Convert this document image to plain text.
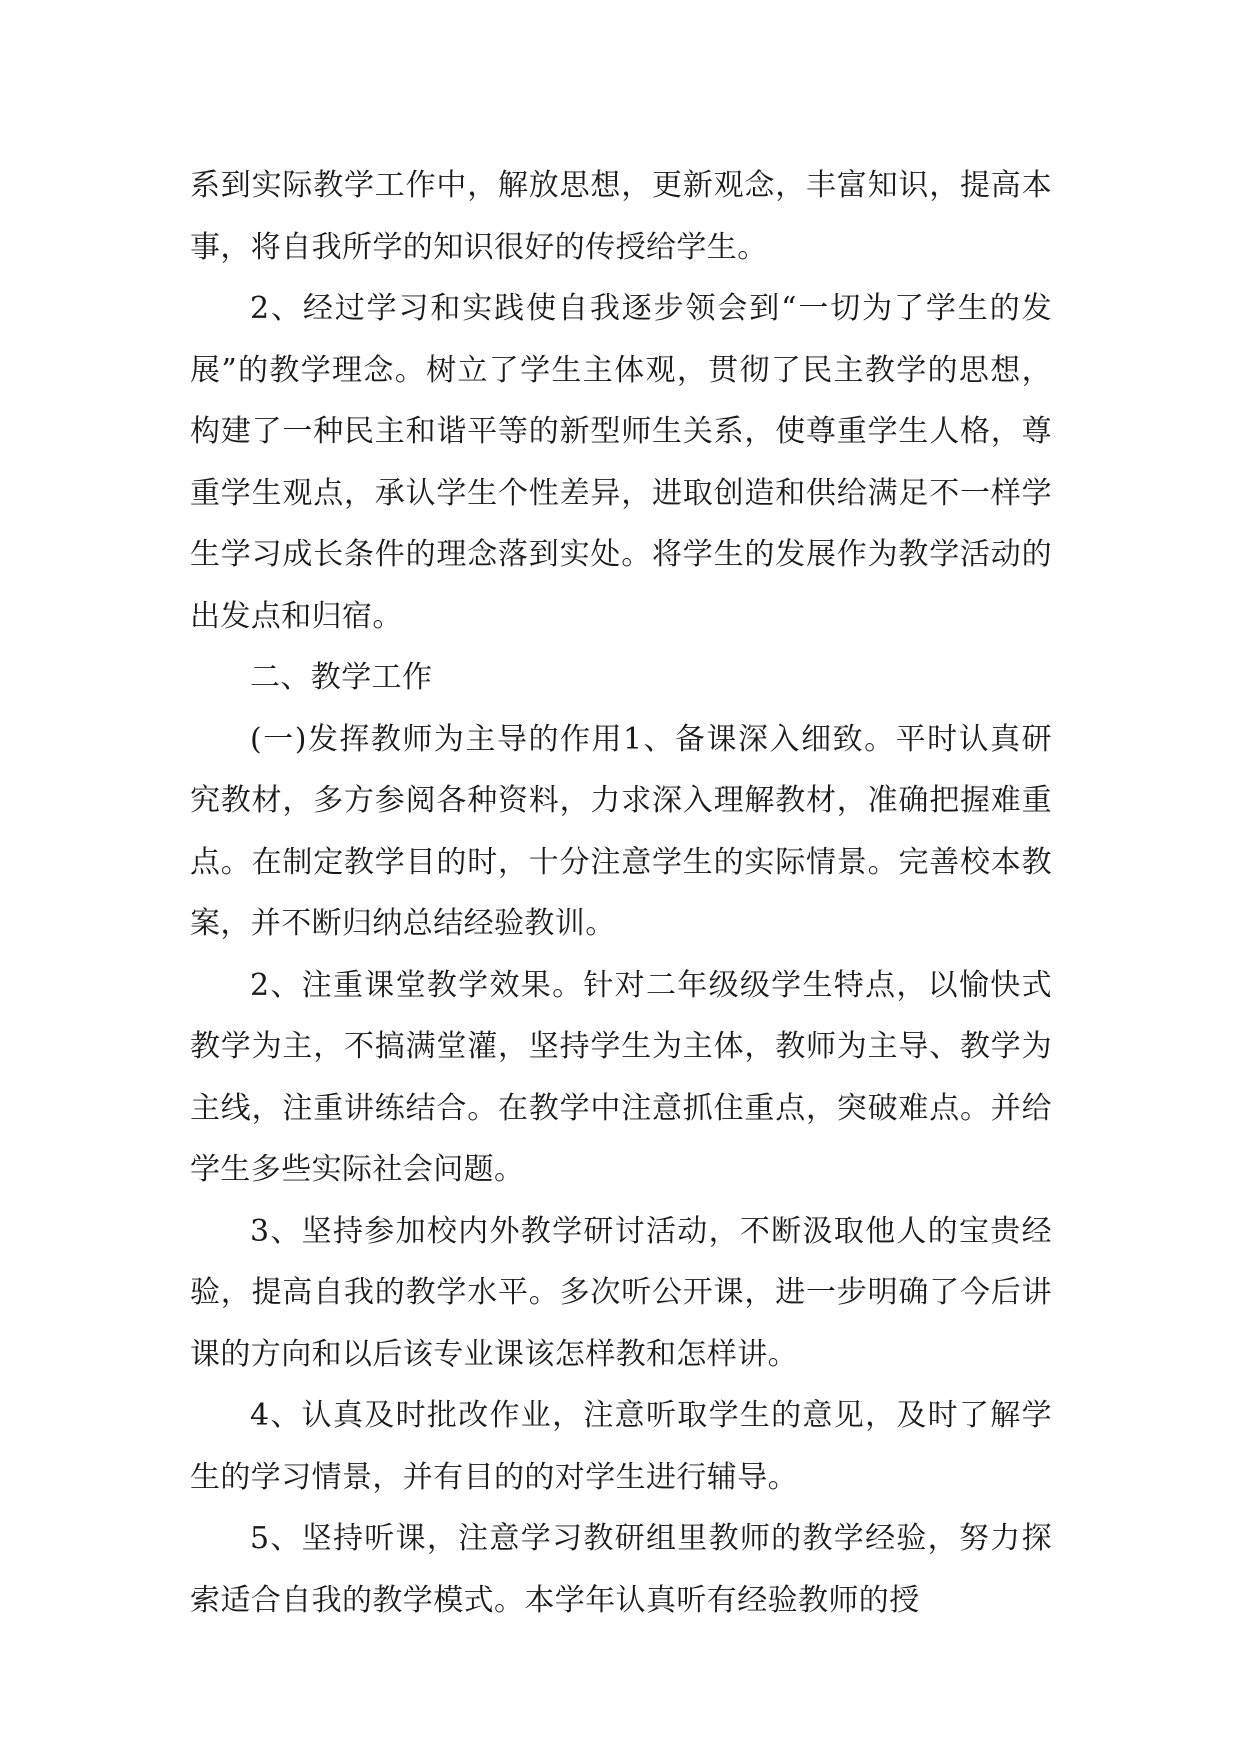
系到实际教学工作中，解放思想，更新观念，丰富知识，提高本事，将自我所学的知识很好的传授给学生。

2、经过学习和实践使自我逐步领会到“一切为了学生的发展”的教学理念。树立了学生主体观，贯彻了民主教学的思想，构建了一种民主和谐平等的新型师生关系，使尊重学生人格，尊重学生观点，承认学生个性差异，进取创造和供给满足不一样学生学习成长条件的理念落到实处。将学生的发展作为教学活动的出发点和归宿。

二、教学工作

(一)发挥教师为主导的作用1、备课深入细致。平时认真研究教材，多方参阅各种资料，力求深入理解教材，准确把握难重点。在制定教学目的时，十分注意学生的实际情景。完善校本教案，并不断归纳总结经验教训。

2、注重课堂教学效果。针对二年级级学生特点，以愉快式教学为主，不搞满堂灌，坚持学生为主体，教师为主导、教学为主线，注重讲练结合。在教学中注意抓住重点，突破难点。并给学生多些实际社会问题。

3、坚持参加校内外教学研讨活动，不断汲取他人的宝贵经验，提高自我的教学水平。多次听公开课，进一步明确了今后讲课的方向和以后该专业课该怎样教和怎样讲。

4、认真及时批改作业，注意听取学生的意见，及时了解学生的学习情景，并有目的的对学生进行辅导。

5、坚持听课，注意学习教研组里教师的教学经验，努力探索适合自我的教学模式。本学年认真听有经验教师的授
